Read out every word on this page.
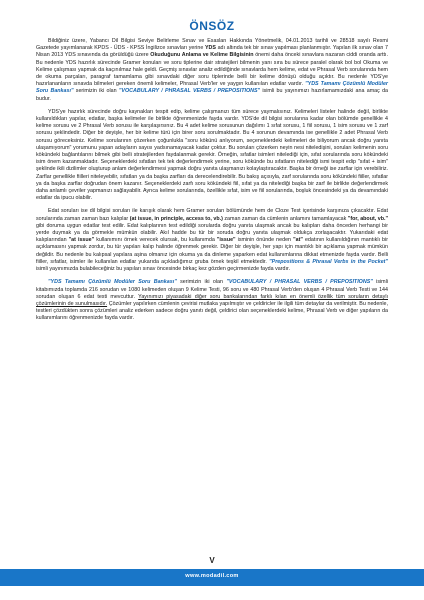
ÖNSÖZ

Bildiğiniz üzere, Yabancı Dil Bilgisi Seviye Belirleme Sınav ve Esasları Hakkında Yönetmelik, 04.01.2013 tarihli ve 28518 sayılı Resmi Gazetede yayımlanarak KPDS - ÜDS - KPSS İngilizce sınavları yerine YDS adı altında tek bir sınav yapılması planlanmıştır. Yapılan ilk sınav olan 7 Nisan 2013 YDS sınavında da görüldüğü üzere Okuduğunu Anlama ve Kelime Bilgisinin önemi daha önceki sınavlara nazaran ciddi oranda arttı. Bu nedenle YDS hazırlık sürecinde Gramer konuları ve soru tiplerine dair stratejileri bilmenin yanı sıra bu sürece paralel olarak bol bol Okuma ve Kelime çalışması yapmak da kaçınılmaz hale geldi. Geçmiş sınavlar analiz edildiğinde sınavlarda hem kelime, edat ve Phrasal Verb sorularında hem de okuma parçaları, paragraf tamamlama gibi sınavdaki diğer soru tiplerinde belli bir kelime dönüşü olduğu açıktır. Bu nedenle YDS'ye hazırlananların sınavda bilmeleri gereken önemli kelimeler, Phrasal Verb'ler ve yaygın kullanılan edatlar vardır. "YDS Tamamı Çözümlü Modüler Soru Bankası" serimizin iki olan "VOCABULARY / PHRASAL VERBS / PREPOSITIONS" isimli bu yayınımızı hazırlamamızdaki ana amaç da budur.

YDS'ye hazırlık sürecinde doğru kaynakları tespit edip, kelime çalışmanızı tüm sürece yaymalısınız. Kelimeleri listeler halinde değil, birlikte kullanıldıkları yapılar, edatlar, başka kelimeler ile birlikte öğrenmenizde fayda vardır. YDS'de dil bilgisi sorularına kadar olan bölümde genellikle 4 kelime sorusu ve 2 Phrasal Verb sorusu ile karşılaşırsınız. Bu 4 adet kelime sorusunun dağılımı 1 sıfat sorusu, 1 fiil sorusu, 1 isim sorusu ve 1 zarf sorusu şeklindedir. Diğer bir deyişle, her bir kelime türü için birer soru sorulmaktadır. Bu 4 sorunun devamında ise genellikle 2 adet Phrasal Verb sorusu göreceksiniz. Kelime sorularının çözerken çoğunlukla "soru kökünü anlıyorum, seçeneklerdeki kelimeleri de biliyorum ancak doğru yanıta ulaşamıyorum" yorumunu yapan adayların sayısı yadsınamayacak kadar çoktur. Bu soruları çözerken neyin nesi niteledişini, soruları kelimenin soru kökündeki bağlantılarını bilmek gibi belli stratejilerden faydalanmak gerekir. Örneğin, sıfatlar isimleri nitelediği için, sıfat sorularında soru kökündeki isim önem kazanmaktadır. Seçeneklerdeki sıfatları tek tek değerlendirmek yerine, soru kökünde bu sıfatların nitelediği ismi tespit edip "sıfat + isim" şeklinde ikili dizilimler oluşturup anlam değerlendirmesi yapmak doğru yanıta ulaşmanızı kolaylaştıracaktır. Başka bir örneği ise zarflar için verebiliriz. Zarflar genellikle fiilleri niteleyebilir, sıfatları ya da başka zarfları da derecelendirebilir. Bu bakış açısıyla, zarf sorularında soru kökündeki fiiller, sıfatlar ya da başka zarflar doğrudan önem kazanır. Seçeneklerdeki zarfı soru kökündeki fiil, sıfat ya da nitelediği başka bir zarf ile birlikte değerlendirmek daha anlamlı çevriler yapmanızı sağlayabilir. Ayrıca kelime sorularında, özellikle sıfat, isim ve fiil sorularında, boşluk öncesindeki ya da devamındaki edatlar da ipucu olabilir.

Edat soruları ise dil bilgisi soruları ile karışık olarak hem Gramer soruları bölümünde hem de Cloze Test içerisinde karşınıza çıkacaktır. Edat sorularında zaman zaman bazı kalıplar (at issue, in principle, access to, vb.) zaman zaman da cümlenin anlamını tamamlayacak "for, about, vb." gibi doruma uygun edatlar test edilir. Edat kalıplarının test edildiği sorularda doğru yanıta ulaşmak ancak bu kalıpları daha önceden herhangi bir yerde duymak ya da görmekle mümkün olabilir. Akıl hadde bu tür bir soruda doğru yanıta ulaşmak oldukça zorlaşacaktır. Yukarıdaki edat kalıplarından "at issue" kullanımını örnek verecek olursak, bu kullanımda "issue" isminin önünde neden "at" edatının kullanıldığının mantıklı bir açıklamasını yapmak zordur, bu tür yapıları kalıp halinde öğrenmek gerekir. Diğer bir deyişle, her yapı için mantıklı bir açıklama yapmak mümkün değildir. Bu nedenle bu kalıpsal yapılara aşina olmanız için okuma ya da dinleme yaparken edat kullanımlarına dikkat etmenizde fayda vardır. Belli fiiller, sıfatlar, isimler ile kullanılan edatlar yukarıda açıkladığımız gruba örnek teşkil etmektedir. "Prepositions & Phrasal Verbs in the Pocket" isimli yayınımızda bulabileceğiniz bu yapıları sınav öncesinde birkaç kez gözden geçirmenizde fayda vardır.

"YDS Tamamı Çözümlü Modüler Soru Bankası" serimizin iki olan "VOCABULARY / PHRASAL VERBS / PREPOSITIONS" isimli kitabımızda toplamda 216 sorudan ve 1080 kelimeden oluşan 9 Kelime Testi, 96 soru ve 480 Phrasal Verb'den oluşan 4 Phrasal Verb Testi ve 144 sorudan oluşan 6 edat testi mevcuttur. Yayınımızı piyasadaki diğer soru bankalarından farklı kılan en önemli özellik tüm soruların detaylı çözümlerinin de sunulmasıdır. Çözümler yapılırken cümlenin çevirisi mutlaka yapılmıştır ve çeldiricler ile ilgili tüm detaylar da verilmiştir. Bu nedenle, testleri çözdükten sonra çözümleri analiz ederken sadece doğru yanıtı değil, çeldirici olan seçeneklerdeki kelime, Phrasal Verb ve diğer yapıların da kullanımlarını öğrenmenizde fayda vardır.

V
www.modadil.com
